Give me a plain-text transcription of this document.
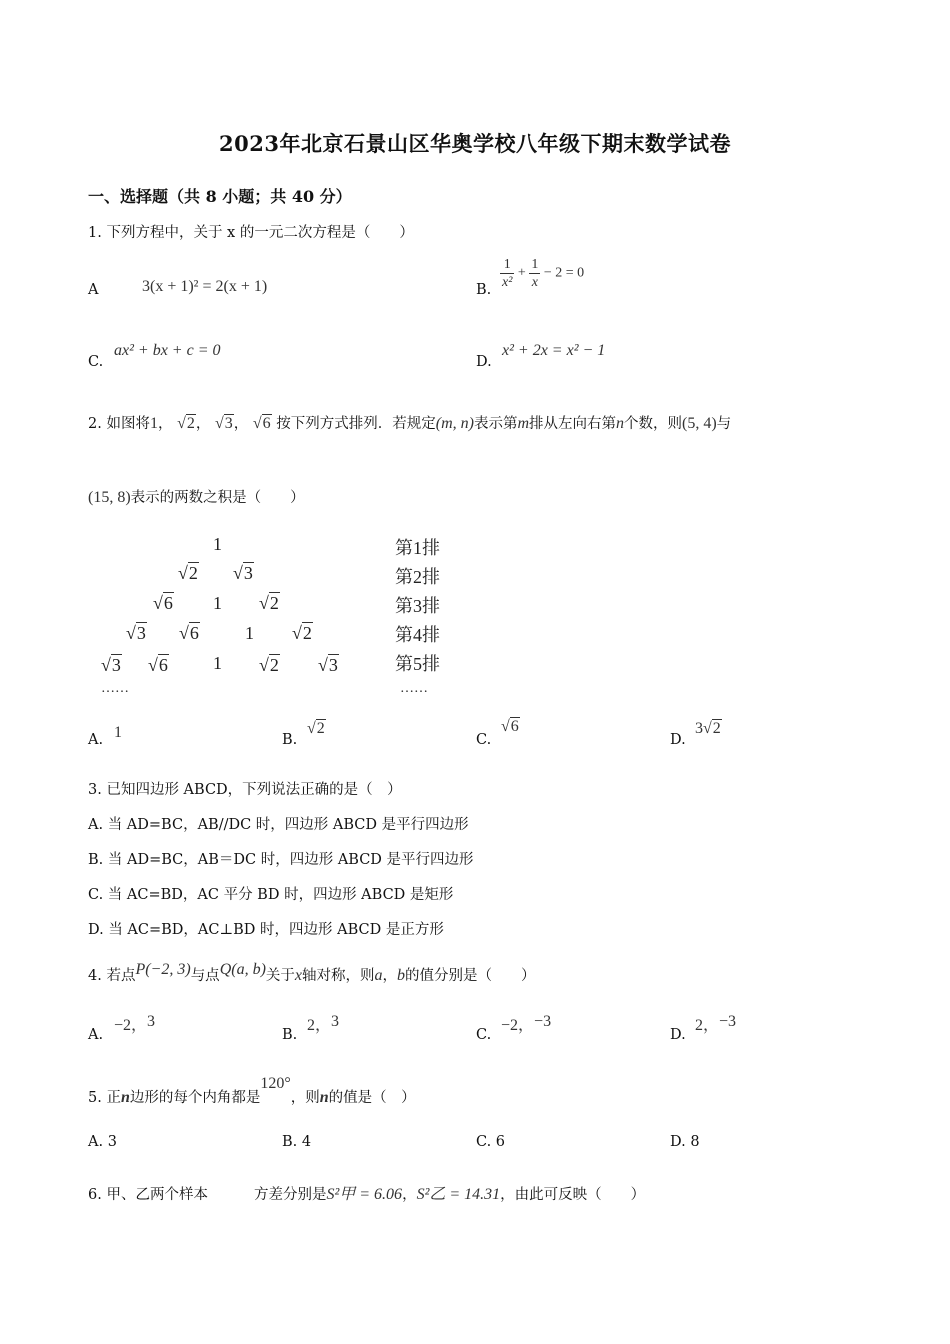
2023年北京石景山区华奥学校八年级下期末数学试卷
一、选择题（共 8 小题；共 40 分）
1. 下列方程中，关于 x 的一元二次方程是（　　）
A	3(x + 1)² = 2(x + 1)	B. $\frac{1}{\text{x²}} + \frac{1}{x} - 2 = 0$
C.
ax² + bx + c = 0
D.
x² + 2x = x² − 1
2. 如图将1， √2， √3， √6 按下列方式排列．若规定(m, n)表示第m排从左向右第n个数，则(5, 4)与
(15, 8)表示的两数之积是（　　）
1
√2 √3
√6 1 √2
√3 √6	1 √2
√3 √6	1 √2 √3
……
第1排
第2排
第3排
第4排
第5排
……
A. 1	B.
√2
C.
√6
D.
3√2
3. 已知四边形 ABCD，下列说法正确的是（　）
A. 当 AD=BC，AB//DC 时，四边形 ABCD 是平行四边形
B. 当 AD=BC，AB＝DC 时，四边形 ABCD 是平行四边形
C. 当 AC=BD，AC 平分 BD 时，四边形 ABCD 是矩形
D. 当 AC=BD，AC⊥BD 时，四边形 ABCD 是正方形
4. 若点P(−2, 3)与点Q(a, b)关于x轴对称，则a，b的值分别是（　　）
A.
−2，3
B.
2，3
C.
−2，−3
D.
2，−3
5. 正n边形的每个内角都是120°，则n的值是（　）
A. 3	B. 4	C. 6	D. 8
6. 甲、乙两个样本	方差分别是S²甲 = 6.06，S²乙 = 14.31，由此可反映（　　）
